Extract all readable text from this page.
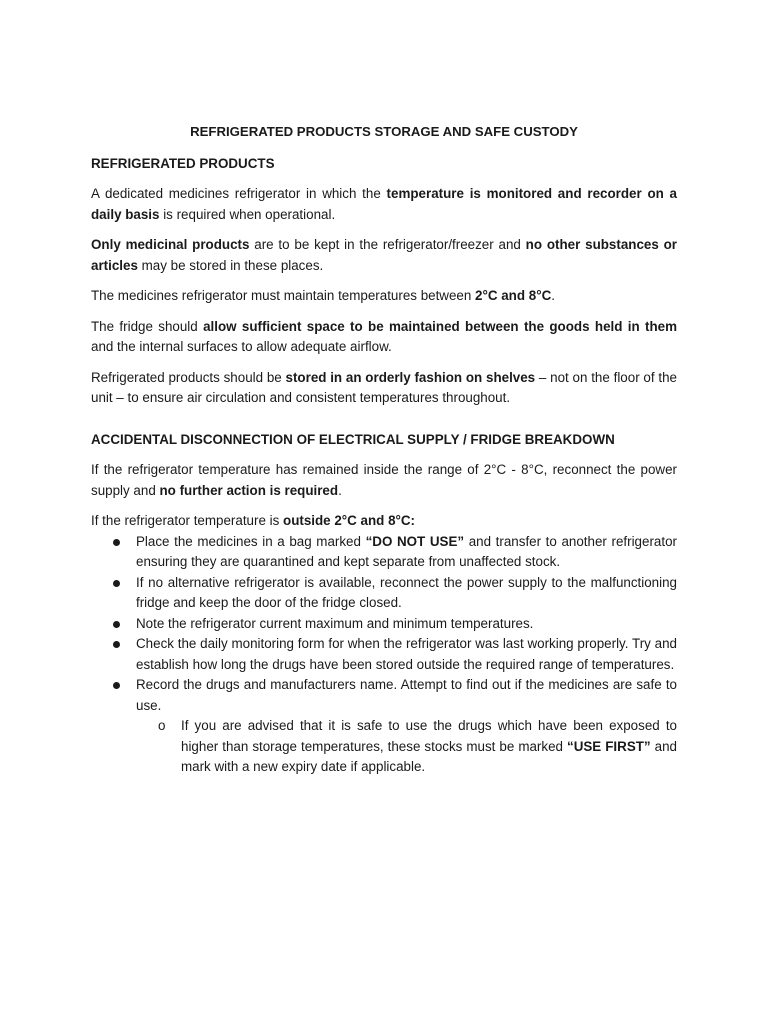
REFRIGERATED PRODUCTS STORAGE AND SAFE CUSTODY
REFRIGERATED PRODUCTS

A dedicated medicines refrigerator in which the temperature is monitored and recorder on a daily basis is required when operational.

Only medicinal products are to be kept in the refrigerator/freezer and no other substances or articles may be stored in these places.

The medicines refrigerator must maintain temperatures between 2°C and 8°C.

The fridge should allow sufficient space to be maintained between the goods held in them and the internal surfaces to allow adequate airflow.

Refrigerated products should be stored in an orderly fashion on shelves – not on the floor of the unit – to ensure air circulation and consistent temperatures throughout.

ACCIDENTAL DISCONNECTION OF ELECTRICAL SUPPLY / FRIDGE BREAKDOWN

If the refrigerator temperature has remained inside the range of 2°C - 8°C, reconnect the power supply and no further action is required.

If the refrigerator temperature is outside 2°C and 8°C:

Place the medicines in a bag marked “DO NOT USE” and transfer to another refrigerator ensuring they are quarantined and kept separate from unaffected stock.
If no alternative refrigerator is available, reconnect the power supply to the malfunctioning fridge and keep the door of the fridge closed.
Note the refrigerator current maximum and minimum temperatures.
Check the daily monitoring form for when the refrigerator was last working properly. Try and establish how long the drugs have been stored outside the required range of temperatures.
Record the drugs and manufacturers name. Attempt to find out if the medicines are safe to use.
o If you are advised that it is safe to use the drugs which have been exposed to higher than storage temperatures, these stocks must be marked “USE FIRST” and mark with a new expiry date if applicable.
